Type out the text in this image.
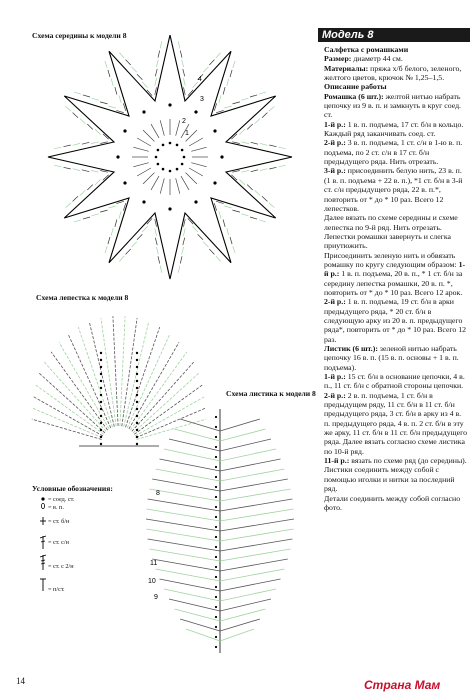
Схема середины к модели 8
Схема лепестка к модели 8
Схема листика к модели 8
Условные обозначения:
4
3
1
2
8
11
10
9
= соед. ст.
= в. п.
= ст. б/н
= ст. с/н
= ст. с 2/н
= п/ст.
Модель 8

Салфетка с ромашками

Размер: диаметр 44 см.

Материалы: пряжа х/б белого, зеленого, желтого цветов, крючок № 1,25–1,5.

Описание работы

Ромашка (6 шт.): желтой нитью набрать цепочку из 9 в. п. и замкнуть в круг соед. ст.

1-й р.: 1 в. п. подъема, 17 ст. б/н в кольцо. Каждый ряд заканчивать соед. ст.

2-й р.: 3 в. п. подъема, 1 ст. с/н в 1-ю в. п. подъема, по 2 ст. с/н в 17 ст. б/н предыдущего ряда. Нить отрезать.

3-й р.: присоединить белую нить, 23 в. п. (1 в. п. подъема + 22 в. п.), *1 ст. б/н в 3-й ст. с/н предыдущего ряда, 22 в. п.*, повторить от * до * 10 раз. Всего 12 лепестков.

Далее вязать по схеме середины и схеме лепестка по 9-й ряд. Нить отрезать.

Лепестки ромашки завернуть и слегка приутюжить.

Присоединить зеленую нить и обвязать ромашку по кругу следующим образом: 1-й р.: 1 в. п. подъема, 20 в. п., * 1 ст. б/н за середину лепестка ромашки, 20 в. п. *, повторить от * до * 10 раз. Всего 12 арок. 2-й р.: 1 в. п. подъема, 19 ст. б/н в арки предыдущего ряда, * 20 ст. б/н в следующую арку из 20 в. п. предыдущего ряда*, повторить от * до * 10 раз. Всего 12 раз.

Листик (6 шт.): зеленой нитью набрать цепочку 16 в. п. (15 в. п. основы + 1 в. п. подъема).

1-й р.: 15 ст. б/н в основание цепочки, 4 в. п., 11 ст. б/н с обратной стороны цепочки.

2-й р.: 2 в. п. подъема, 1 ст. б/н в предыдущем ряду, 11 ст. б/н в 11 ст. б/н предыдущего ряда, 3 ст. б/н в арку из 4 в. п. предыдущего ряда, 4 в. п. 2 ст. б/н в эту же арку, 11 ст. б/н в 11 ст. б/н предыдущего ряда. Далее вязать согласно схеме листика по 10-й ряд.

11-й р.: вязать по схеме ряд (до середины).

Листики соединить между собой с помощью иголки и нитки за последний ряд.

Детали соединить между собой согласно фото.

14	Страна Мам
